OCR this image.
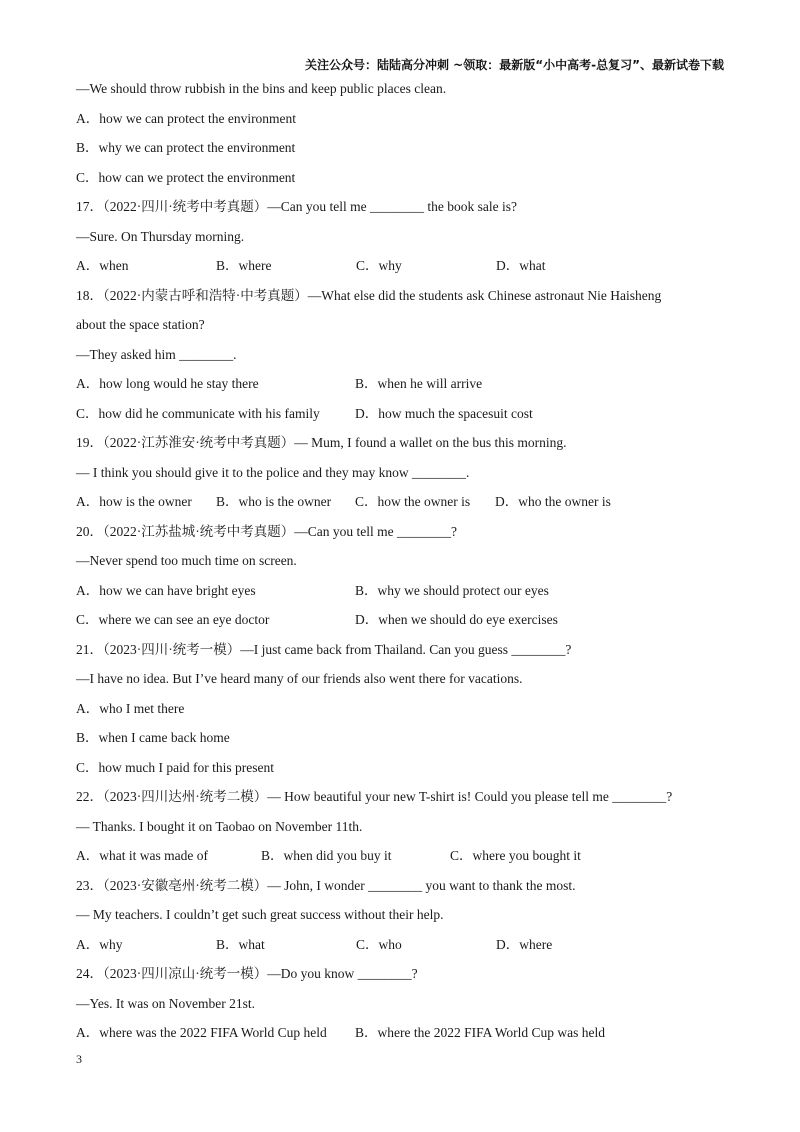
关注公众号：陆陆高分冲刺 ~领取：最新版“小中高考-总复习”、最新试卷下载
—We should throw rubbish in the bins and keep public places clean.
A．how we can protect the environment
B．why we can protect the environment
C．how can we protect the environment
17．（2022·四川·统考中考真题）—Can you tell me ________ the book sale is?
—Sure. On Thursday morning.
A．when	B．where	C．why	D．what
18．（2022·内蒙古呼和浩特·中考真题）—What else did the students ask Chinese astronaut Nie Haisheng
about the space station?
—They asked him ________.
A．how long would he stay there	B．when he will arrive
C．how did he communicate with his family	D．how much the spacesuit cost
19．（2022·江苏淮安·统考中考真题）— Mum, I found a wallet on the bus this morning.
— I think you should give it to the police and they may know ________.
A．how is the owner B．who is the owner C．how the owner is D．who the owner is
20．（2022·江苏盐城·统考中考真题）—Can you tell me ________?
—Never spend too much time on screen.
A．how we can have bright eyes	B．why we should protect our eyes
C．where we can see an eye doctor	D．when we should do eye exercises
21．（2023·四川·统考一模）—I just came back from Thailand. Can you guess ________?
—I have no idea. But I’ve heard many of our friends also went there for vacations.
A．who I met there
B．when I came back home
C．how much I paid for this present
22．（2023·四川达州·统考二模）— How beautiful your new T-shirt is! Could you please tell me ________?
— Thanks. I bought it on Taobao on November 11th.
A．what it was made of	B．when did you buy it	C．where you bought it
23．（2023·安徽亳州·统考二模）— John, I wonder ________ you want to thank the most.
— My teachers. I couldn’t get such great success without their help.
A．why	B．what	C．who	D．where
24．（2023·四川凉山·统考一模）—Do you know ________?
—Yes. It was on November 21st.
A．where was the 2022 FIFA World Cup held B．where the 2022 FIFA World Cup was held
3
